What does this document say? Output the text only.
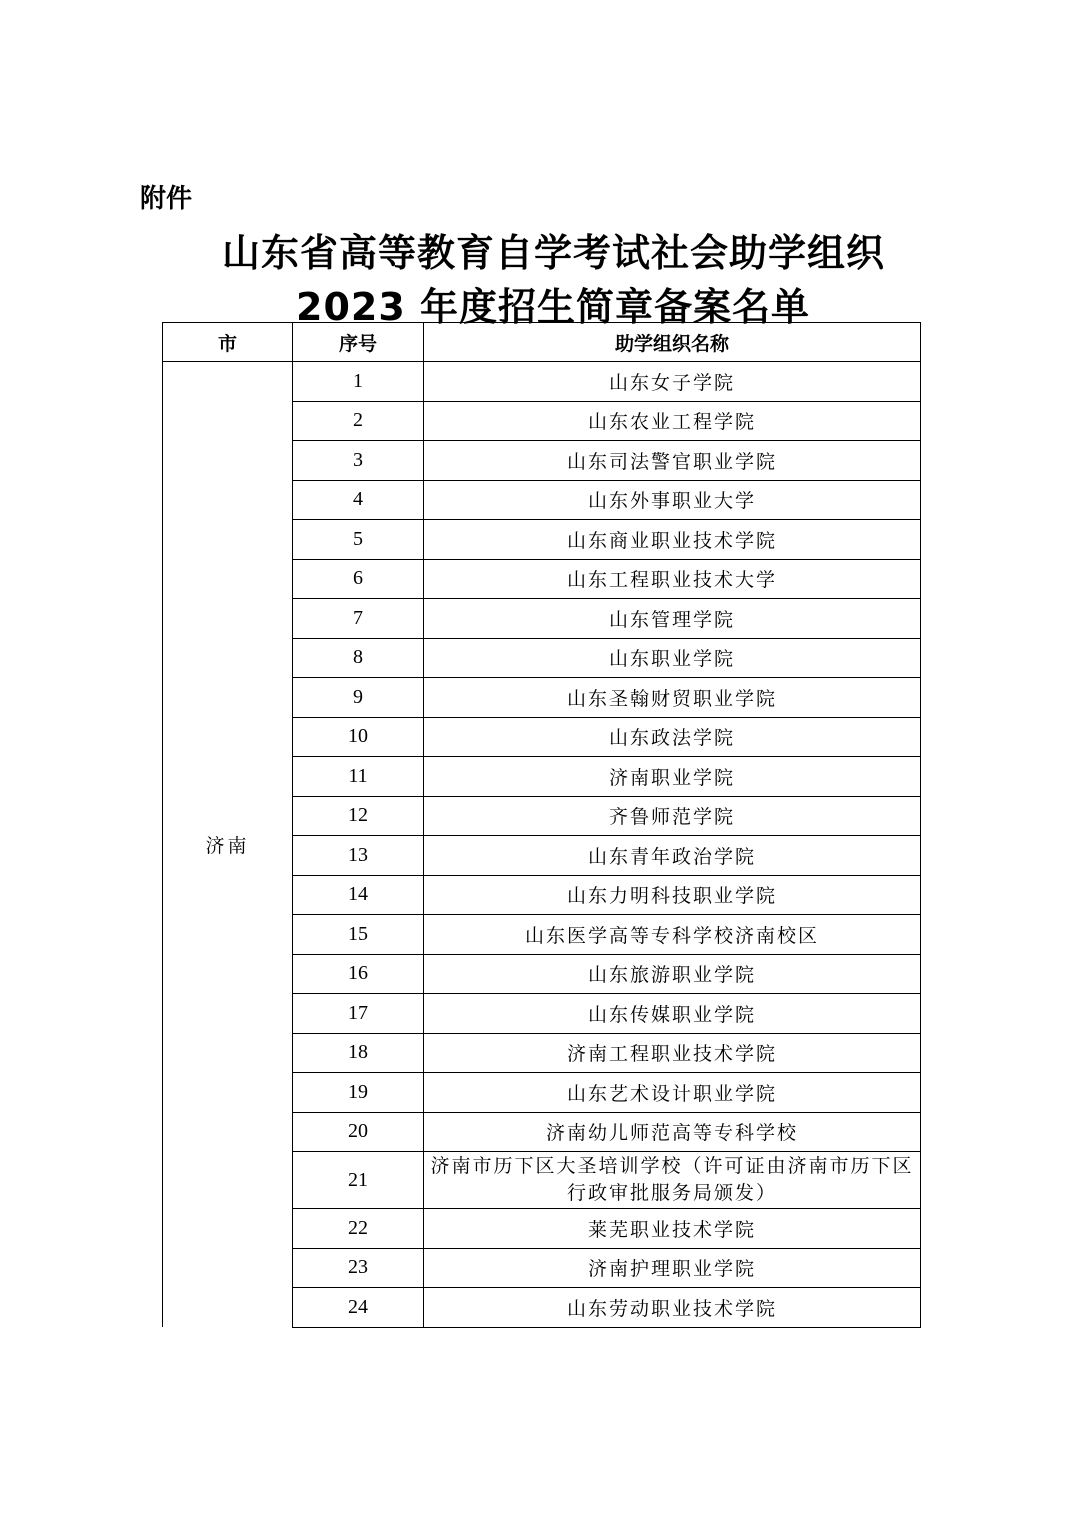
附件
山东省高等教育自学考试社会助学组织
2023 年度招生简章备案名单
市	序号	助学组织名称
济南	1	山东女子学院
	2	山东农业工程学院
	3	山东司法警官职业学院
	4	山东外事职业大学
	5	山东商业职业技术学院
	6	山东工程职业技术大学
	7	山东管理学院
	8	山东职业学院
	9	山东圣翰财贸职业学院
	10	山东政法学院
	11	济南职业学院
	12	齐鲁师范学院
	13	山东青年政治学院
	14	山东力明科技职业学院
	15	山东医学高等专科学校济南校区
	16	山东旅游职业学院
	17	山东传媒职业学院
	18	济南工程职业技术学院
	19	山东艺术设计职业学院
	20	济南幼儿师范高等专科学校
	21	济南市历下区大圣培训学校（许可证由济南市历下区行政审批服务局颁发）
	22	莱芜职业技术学院
	23	济南护理职业学院
	24	山东劳动职业技术学院
